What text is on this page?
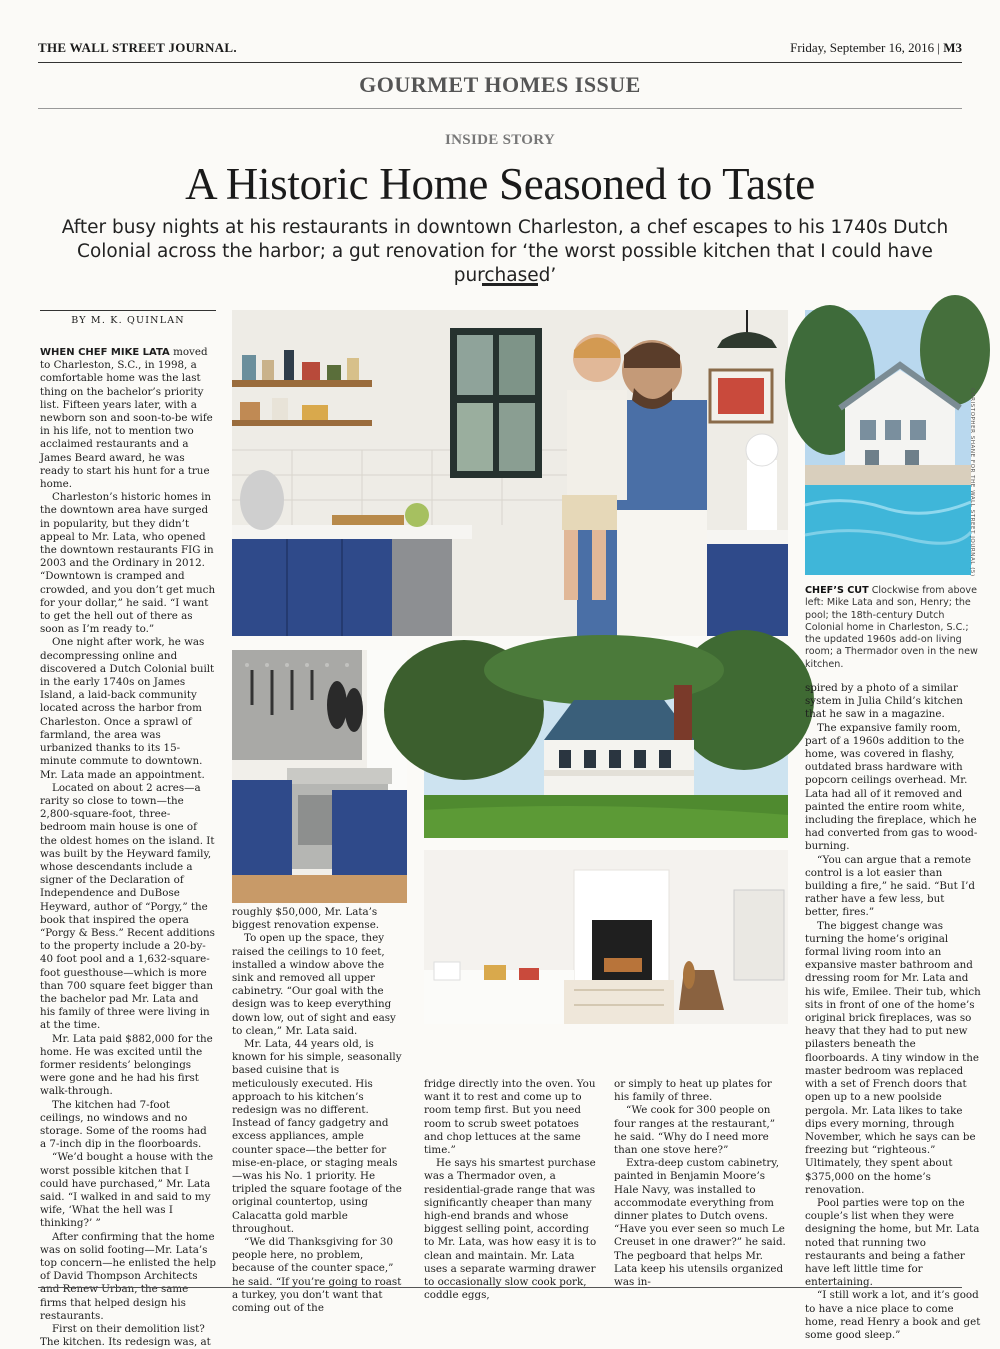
THE WALL STREET JOURNAL.	Friday, September 16, 2016 | M3
GOURMET HOMES ISSUE
INSIDE STORY
A Historic Home Seasoned to Taste
After busy nights at his restaurants in downtown Charleston, a chef escapes to his 1740s Dutch Colonial across the harbor; a gut renovation for ‘the worst possible kitchen that I could have purchased’
CHRISTOPHER SHANE FOR THE WALL STREET JOURNAL (5)
CHEF’S CUT Clockwise from above left: Mike Lata and son, Henry; the pool; the 18th-century Dutch Colonial home in Charleston, S.C.; the updated 1960s add-on living room; a Thermador oven in the new kitchen.
BY M. K. QUINLAN

WHEN CHEF MIKE LATA moved to Charleston, S.C., in 1998, a comfortable home was the last thing on the bachelor’s priority list. Fifteen years later, with a newborn son and soon-to-be wife in his life, not to mention two acclaimed restaurants and a James Beard award, he was ready to start his hunt for a true home.

Charleston’s historic homes in the downtown area have surged in popularity, but they didn’t appeal to Mr. Lata, who opened the downtown restaurants FIG in 2003 and the Ordinary in 2012. “Downtown is cramped and crowded, and you don’t get much for your dollar,” he said. “I want to get the hell out of there as soon as I’m ready to.”

One night after work, he was decompressing online and discovered a Dutch Colonial built in the early 1740s on James Island, a laid-back community located across the harbor from Charleston. Once a sprawl of farmland, the area was urbanized thanks to its 15-minute commute to downtown. Mr. Lata made an appointment.

Located on about 2 acres—a rarity so close to town—the 2,800-square-foot, three-bedroom main house is one of the oldest homes on the island. It was built by the Heyward family, whose descendants include a signer of the Declaration of Independence and DuBose Heyward, author of “Porgy,” the book that inspired the opera “Porgy & Bess.” Recent additions to the property include a 20-by-40 foot pool and a 1,632-square-foot guesthouse—which is more than 700 square feet bigger than the bachelor pad Mr. Lata and his family of three were living in at the time.

Mr. Lata paid $882,000 for the home. He was excited until the former residents’ belongings were gone and he had his first walk-through.

The kitchen had 7-foot ceilings, no windows and no storage. Some of the rooms had a 7-inch dip in the floorboards.

“We’d bought a house with the worst possible kitchen that I could have purchased,” Mr. Lata said. “I walked in and said to my wife, ‘What the hell was I thinking?’ ”

After confirming that the home was on solid footing—Mr. Lata’s top concern—he enlisted the help of David Thompson Architects and Renew Urban, the same firms that helped design his restaurants.

First on their demolition list? The kitchen. Its redesign was, at

roughly $50,000, Mr. Lata’s biggest renovation expense.

To open up the space, they raised the ceilings to 10 feet, installed a window above the sink and removed all upper cabinetry. “Our goal with the design was to keep everything down low, out of sight and easy to clean,” Mr. Lata said.

Mr. Lata, 44 years old, is known for his simple, seasonally based cuisine that is meticulously executed. His approach to his kitchen’s redesign was no different. Instead of fancy gadgetry and excess appliances, ample counter space—the better for mise-en-place, or staging meals—was his No. 1 priority. He tripled the square footage of the original countertop, using Calacatta gold marble throughout.

“We did Thanksgiving for 30 people here, no problem, because of the counter space,” he said. “If you’re going to roast a turkey, you don’t want that coming out of the

fridge directly into the oven. You want it to rest and come up to room temp first. But you need room to scrub sweet potatoes and chop lettuces at the same time.”

He says his smartest purchase was a Thermador oven, a residential-grade range that was significantly cheaper than many high-end brands and whose biggest selling point, according to Mr. Lata, was how easy it is to clean and maintain. Mr. Lata uses a separate warming drawer to occasionally slow cook pork, coddle eggs,

or simply to heat up plates for his family of three.

“We cook for 300 people on four ranges at the restaurant,” he said. “Why do I need more than one stove here?”

Extra-deep custom cabinetry, painted in Benjamin Moore’s Hale Navy, was installed to accommodate everything from dinner plates to Dutch ovens. “Have you ever seen so much Le Creuset in one drawer?” he said. The pegboard that helps Mr. Lata keep his utensils organized was in-

spired by a photo of a similar system in Julia Child’s kitchen that he saw in a magazine.

The expansive family room, part of a 1960s addition to the home, was covered in flashy, outdated brass hardware with popcorn ceilings overhead. Mr. Lata had all of it removed and painted the entire room white, including the fireplace, which he had converted from gas to wood-burning.

“You can argue that a remote control is a lot easier than building a fire,” he said. “But I’d rather have a few less, but better, fires.”

The biggest change was turning the home’s original formal living room into an expansive master bathroom and dressing room for Mr. Lata and his wife, Emilee. Their tub, which sits in front of one of the home’s original brick fireplaces, was so heavy that they had to put new pilasters beneath the floorboards. A tiny window in the master bedroom was replaced with a set of French doors that open up to a new poolside pergola. Mr. Lata likes to take dips every morning, through November, which he says can be freezing but “righteous.” Ultimately, they spent about $375,000 on the home’s renovation.

Pool parties were top on the couple’s list when they were designing the home, but Mr. Lata noted that running two restaurants and being a father have left little time for entertaining.

“I still work a lot, and it’s good to have a nice place to come home, read Henry a book and get some good sleep.”
